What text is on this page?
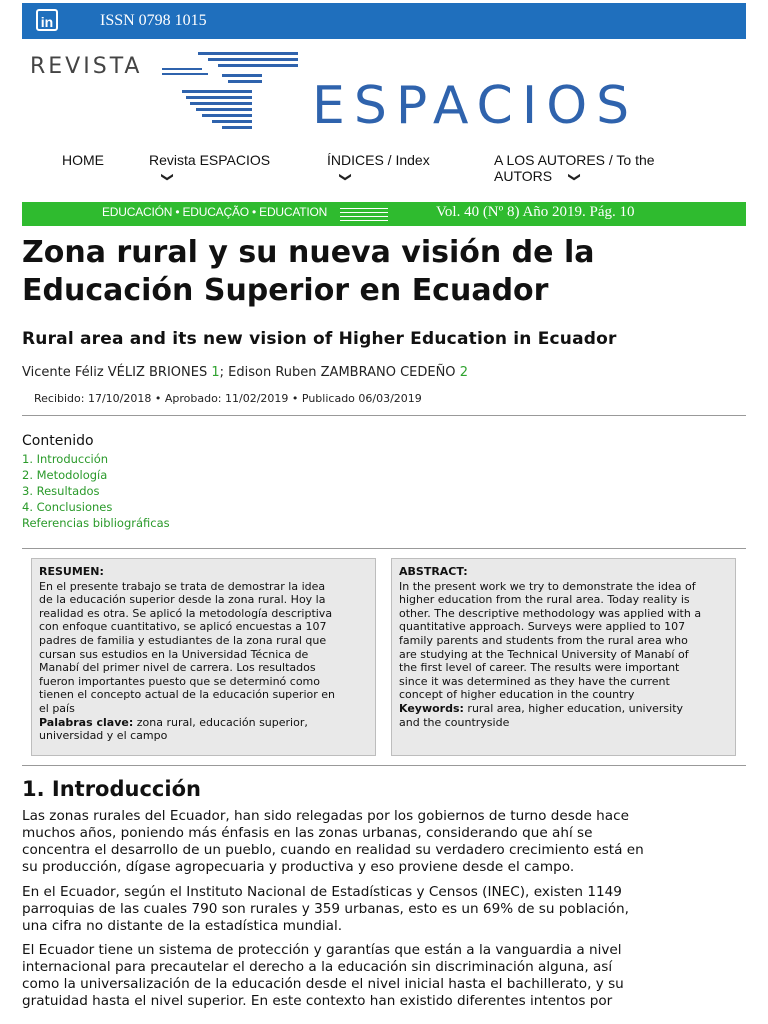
in	ISSN 0798 1015
REVISTA
ESPACIOS
HOME	Revista ESPACIOS
❯
ÍNDICES / Index
❯
A LOS AUTORES / To the
AUTORS ❯
EDUCACIÓN • EDUCAÇÃO • EDUCATION	Vol. 40 (Nº 8) Año 2019. Pág. 10
Zona rural y su nueva visión de la
Educación Superior en Ecuador
Rural area and its new vision of Higher Education in Ecuador
Vicente Féliz VÉLIZ BRIONES 1; Edison Ruben ZAMBRANO CEDEÑO 2
Recibido: 17/10/2018 • Aprobado: 11/02/2019 • Publicado 06/03/2019
Contenido
1. Introducción
2. Metodología
3. Resultados
4. Conclusiones
Referencias bibliográficas
RESUMEN:
En el presente trabajo se trata de demostrar la idea
de la educación superior desde la zona rural. Hoy la
realidad es otra. Se aplicó la metodología descriptiva
con enfoque cuantitativo, se aplicó encuestas a 107
padres de familia y estudiantes de la zona rural que
cursan sus estudios en la Universidad Técnica de
Manabí del primer nivel de carrera. Los resultados
fueron importantes puesto que se determinó como
tienen el concepto actual de la educación superior en
el país
Palabras clave: zona rural, educación superior,
universidad y el campo
ABSTRACT:
In the present work we try to demonstrate the idea of
higher education from the rural area. Today reality is
other. The descriptive methodology was applied with a
quantitative approach. Surveys were applied to 107
family parents and students from the rural area who
are studying at the Technical University of Manabí of
the first level of career. The results were important
since it was determined as they have the current
concept of higher education in the country
Keywords: rural area, higher education, university
and the countryside
1. Introducción
Las zonas rurales del Ecuador, han sido relegadas por los gobiernos de turno desde hace
muchos años, poniendo más énfasis en las zonas urbanas, considerando que ahí se
concentra el desarrollo de un pueblo, cuando en realidad su verdadero crecimiento está en
su producción, dígase agropecuaria y productiva y eso proviene desde el campo.
En el Ecuador, según el Instituto Nacional de Estadísticas y Censos (INEC), existen 1149
parroquias de las cuales 790 son rurales y 359 urbanas, esto es un 69% de su población,
una cifra no distante de la estadística mundial.
El Ecuador tiene un sistema de protección y garantías que están a la vanguardia a nivel
internacional para precautelar el derecho a la educación sin discriminación alguna, así
como la universalización de la educación desde el nivel inicial hasta el bachillerato, y su
gratuidad hasta el nivel superior. En este contexto han existido diferentes intentos por
